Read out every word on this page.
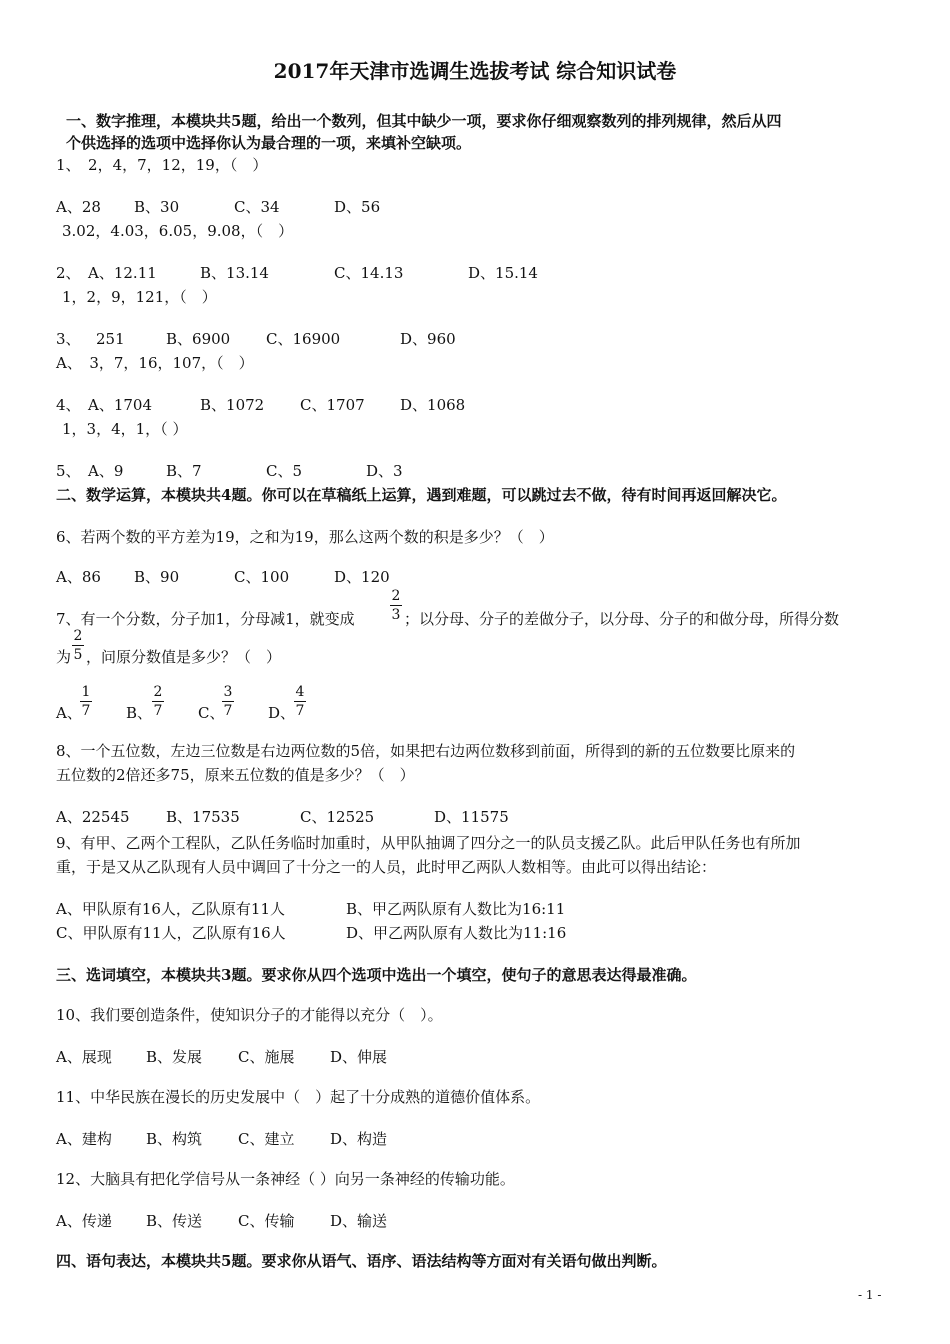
2017年天津市选调生选拔考试 综合知识试卷
一、数字推理，本模块共5题，给出一个数列，但其中缺少一项，要求你仔细观察数列的排列规律，然后从四
个供选择的选项中选择你认为最合理的一项，来填补空缺项。
1、　2，4，7，12，19，（　）
A、28 B、30	C、34	D、56
3.02，4.03，6.05，9.08，（　）
2、 A、12.11	B、13.14	C、14.13	D、15.14
1，2，9，121，（　）
3、 251	B、6900 C、16900	D、960
A、　3，7，16，107，（　）
4、 A、1704	B、1072 C、1707 D、1068
1，3，4，1，（ ）
5、 A、9	B、7	C、5	D、3
二、数学运算，本模块共4题。你可以在草稿纸上运算，遇到难题，可以跳过去不做，待有时间再返回解决它。
6、若两个数的平方差为19，之和为19，那么这两个数的积是多少？（　）
A、86 B、90	C、100	D、120
7、有一个分数，分子加1，分母减1，就变成	$\frac{2}{3}$ ；以分母、分子的差做分子，以分母、分子的和做分母，所得分数
为 $\frac{2}{5}$ ，问原分数值是多少？（　）
A、
$\frac{1}{7}$ B、 $\frac{2}{7}$ C、
$\frac{3}{7}$ D、
$\frac{4}{7}$
8、一个五位数，左边三位数是右边两位数的5倍，如果把右边两位数移到前面，所得到的新的五位数要比原来的
五位数的2倍还多75，原来五位数的值是多少？（　）
A、22545 B、17535	C、12525	D、11575
9、有甲、乙两个工程队，乙队任务临时加重时，从甲队抽调了四分之一的队员支援乙队。此后甲队任务也有所加
重，于是又从乙队现有人员中调回了十分之一的人员，此时甲乙两队人数相等。由此可以得出结论：
A、甲队原有16人，乙队原有11人	B、甲乙两队原有人数比为16:11
C、甲队原有11人，乙队原有16人	D、甲乙两队原有人数比为11:16
三、选词填空，本模块共3题。要求你从四个选项中选出一个填空，使句子的意思表达得最准确。
10、我们要创造条件，使知识分子的才能得以充分（　）。
A、展现 B、发展 C、施展 D、伸展
11、中华民族在漫长的历史发展中（　）起了十分成熟的道德价值体系。
A、建构 B、构筑 C、建立 D、构造
12、大脑具有把化学信号从一条神经（ ）向另一条神经的传输功能。
A、传递 B、传送 C、传输 D、输送
四、语句表达，本模块共5题。要求你从语气、语序、语法结构等方面对有关语句做出判断。
- 1 -
